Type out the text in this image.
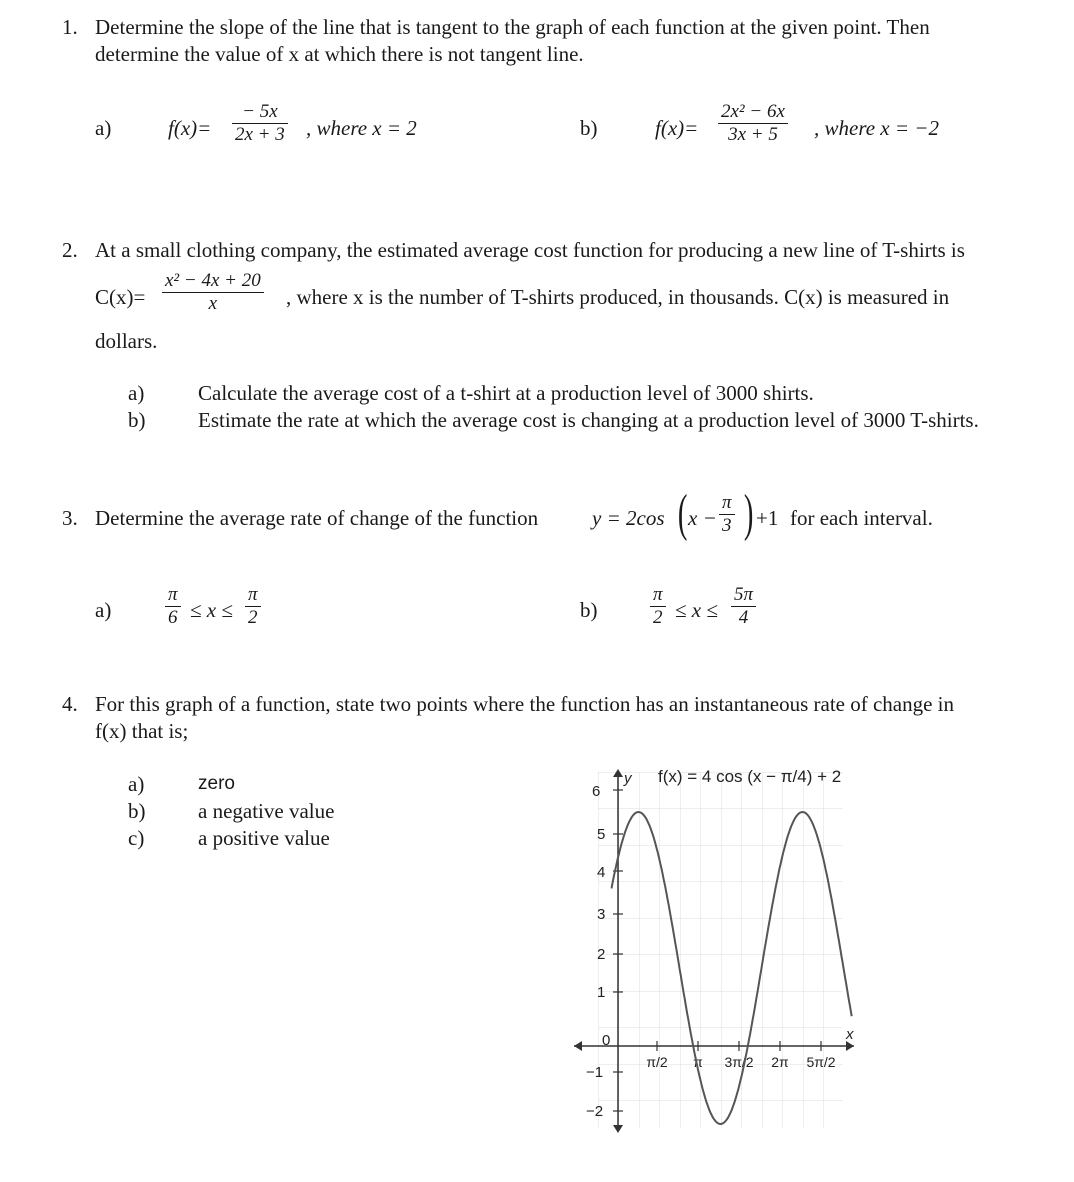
1. Determine the slope of the line that is tangent to the graph of each function at the given point. Then
determine the value of x at which there is not tangent line.
a)	$f(x)= \frac{- 5x}{2x + 3}$ , where x = 2	b)	$f(x)= \frac{\text{2x² − 6x}}{3x + 5}$ , where x = −2
2. At a small clothing company, the estimated average cost function for producing a new line of T-shirts is
$C(x)= \frac{\text{x² − 4x + 20}}{x}$ , where x is the number of T-shirts produced, in thousands. C(x) is measured in
dollars.
a)	Calculate the average cost of a t-shirt at a production level of 3000 shirts.
b)	Estimate the rate at which the average cost is changing at a production level of 3000 T-shirts.
3. Determine the average rate of change of the function	y = 2cos ( $x - \frac{\pi}{3}$ ) +1 for each interval.
a)	$\frac{\pi}{6} \le x \le \frac{\pi}{2}$	b)	$\frac{\pi}{2} \le x \le \frac{5\pi}{4}$
4. For this graph of a function, state two points where the function has an instantaneous rate of change in
f(x) that is;
a)	zero
b)	a negative value
c)	a positive value
6
5
4
3
2
1
0
−1
−2
π/2 π 3π/2 2π 5π/2
x
y f(x) = 4 cos (x − π/4) + 2
